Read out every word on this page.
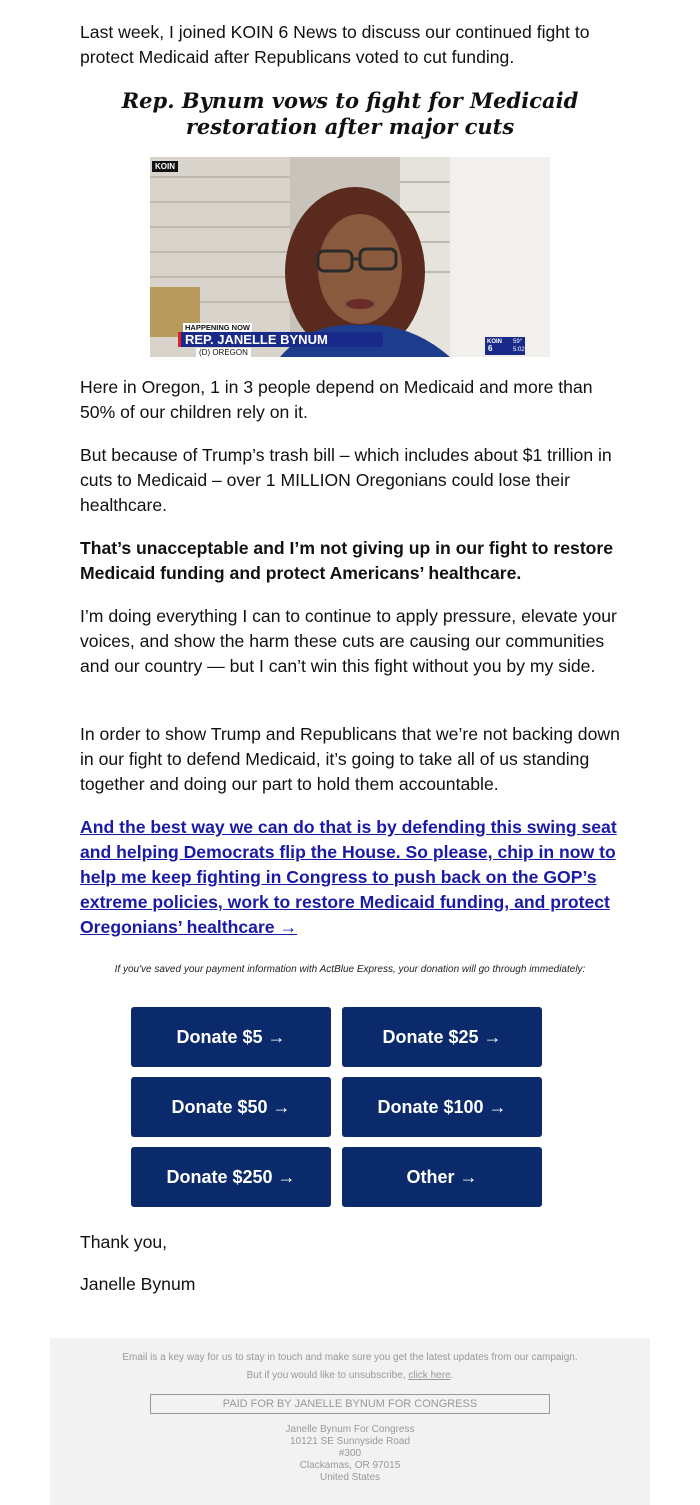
Last week, I joined KOIN 6 News to discuss our continued fight to protect Medicaid after Republicans voted to cut funding.

Rep. Bynum vows to fight for Medicaid
restoration after major cuts

KOIN
HAPPENING NOW
REP. JANELLE BYNUM
(D) OREGON
KOIN
6
59°
5:02

Here in Oregon, 1 in 3 people depend on Medicaid and more than 50% of our children rely on it.

But because of Trump’s trash bill – which includes about $1 trillion in cuts to Medicaid – over 1 MILLION Oregonians could lose their healthcare.

That’s unacceptable and I’m not giving up in our fight to restore Medicaid funding and protect Americans’ healthcare.

I’m doing everything I can to continue to apply pressure, elevate your voices, and show the harm these cuts are causing our communities and our country — but I can’t win this fight without you by my side.

In order to show Trump and Republicans that we’re not backing down in our fight to defend Medicaid, it’s going to take all of us standing together and doing our part to hold them accountable.

And the best way we can do that is by defending this swing seat and helping Democrats flip the House. So please, chip in now to help me keep fighting in Congress to push back on the GOP’s extreme policies, work to restore Medicaid funding, and protect Oregonians’ healthcare →

If you've saved your payment information with ActBlue Express, your donation will go through immediately:
Donate $5 →	Donate $25 →
Donate $50 →	Donate $100 →
Donate $250 →	Other →

Thank you,

Janelle Bynum

Email is a key way for us to stay in touch and make sure you get the latest updates from our campaign.

But if you would like to unsubscribe, click here.

PAID FOR BY JANELLE BYNUM FOR CONGRESS
Janelle Bynum For Congress
10121 SE Sunnyside Road
#300
Clackamas, OR 97015
United States
